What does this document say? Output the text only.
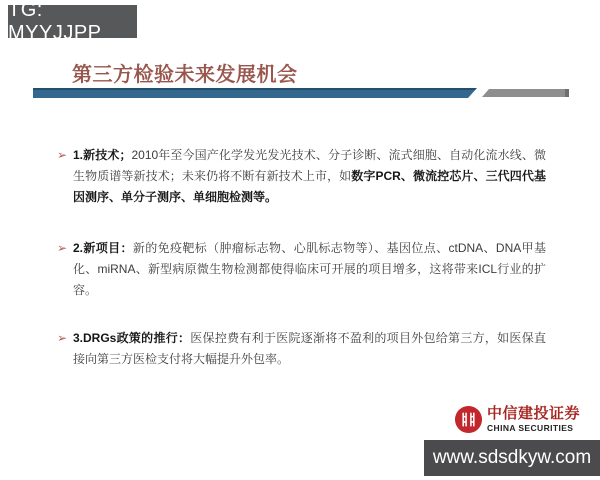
TG: MYYJJPP
第三方检验未来发展机会
➢ 1.新技术；2010年至今国产化学发光发光技术、分子诊断、流式细胞、自动化流水线、微生物质谱等新技术；未来仍将不断有新技术上市，如数字PCR、微流控芯片、三代四代基因测序、单分子测序、单细胞检测等。
➢ 2.新项目：新的免疫靶标（肿瘤标志物、心肌标志物等）、基因位点、ctDNA、DNA甲基化、miRNA、新型病原微生物检测都使得临床可开展的项目增多，这将带来ICL行业的扩容。
➢ 3.DRGs政策的推行：医保控费有利于医院逐渐将不盈利的项目外包给第三方，如医保直接向第三方医检支付将大幅提升外包率。
中信建投证券
CHINA SECURITIES
www.sdsdkyw.com
